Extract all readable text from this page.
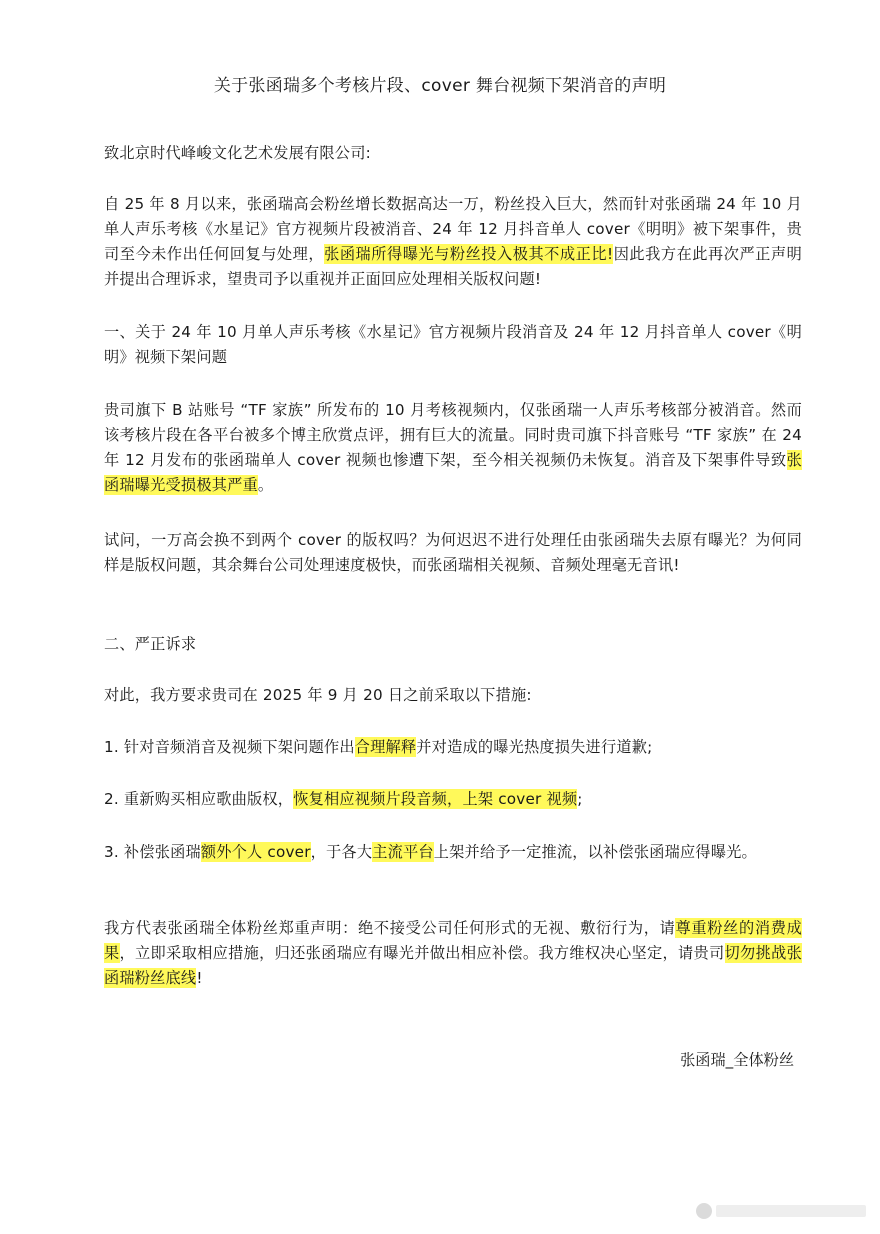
关于张函瑞多个考核片段、cover 舞台视频下架消音的声明

致北京时代峰峻文化艺术发展有限公司:

自 25 年 8 月以来，张函瑞高会粉丝增长数据高达一万，粉丝投入巨大，然而针对张函瑞 24 年 10 月单人声乐考核《水星记》官方视频片段被消音、24 年 12 月抖音单人 cover《明明》被下架事件，贵司至今未作出任何回复与处理，张函瑞所得曝光与粉丝投入极其不成正比!因此我方在此再次严正声明并提出合理诉求，望贵司予以重视并正面回应处理相关版权问题!

一、关于 24 年 10 月单人声乐考核《水星记》官方视频片段消音及 24 年 12 月抖音单人 cover《明明》视频下架问题

贵司旗下 B 站账号 “TF 家族” 所发布的 10 月考核视频内，仅张函瑞一人声乐考核部分被消音。然而该考核片段在各平台被多个博主欣赏点评，拥有巨大的流量。同时贵司旗下抖音账号 “TF 家族” 在 24 年 12 月发布的张函瑞单人 cover 视频也惨遭下架，至今相关视频仍未恢复。消音及下架事件导致张函瑞曝光受损极其严重。

试问，一万高会换不到两个 cover 的版权吗？为何迟迟不进行处理任由张函瑞失去原有曝光？为何同样是版权问题，其余舞台公司处理速度极快，而张函瑞相关视频、音频处理毫无音讯!

二、严正诉求

对此，我方要求贵司在 2025 年 9 月 20 日之前采取以下措施:

1. 针对音频消音及视频下架问题作出合理解释并对造成的曝光热度损失进行道歉;

2. 重新购买相应歌曲版权，恢复相应视频片段音频，上架 cover 视频;

3. 补偿张函瑞额外个人 cover，于各大主流平台上架并给予一定推流，以补偿张函瑞应得曝光。

我方代表张函瑞全体粉丝郑重声明：绝不接受公司任何形式的无视、敷衍行为，请尊重粉丝的消费成果，立即采取相应措施，归还张函瑞应有曝光并做出相应补偿。我方维权决心坚定，请贵司切勿挑战张函瑞粉丝底线!

张函瑞_全体粉丝
